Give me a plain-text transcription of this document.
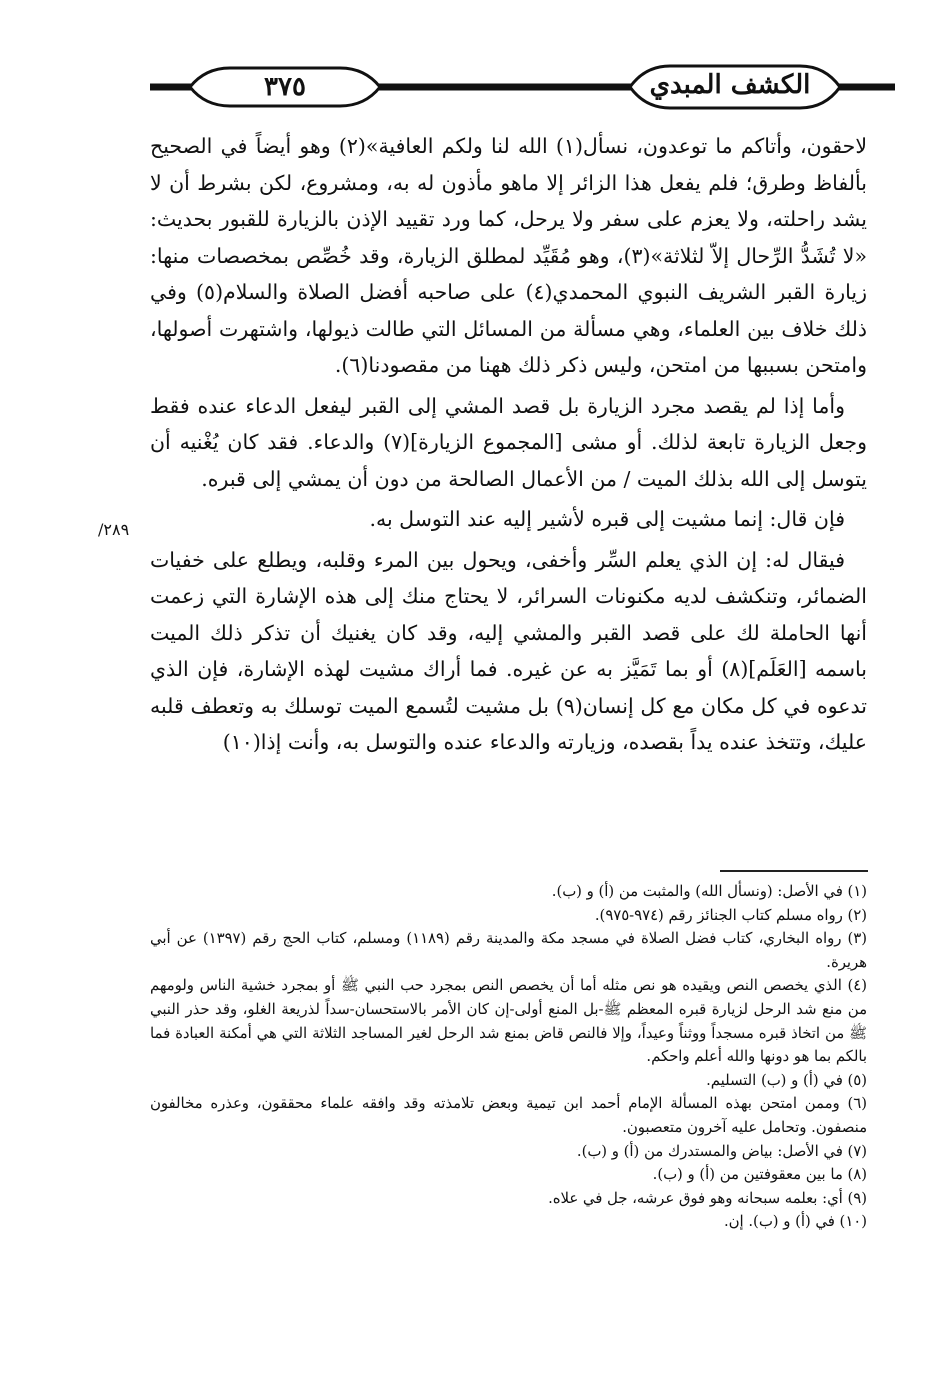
٣٧٥	الكشف المبدي
٢٨٩/

لاحقون، وأتاكم ما توعدون، نسأل(١) الله لنا ولكم العافية»(٢) وهو أيضاً في الصحيح بألفاظ وطرق؛ فلم يفعل هذا الزائر إلا ماهو مأذون له به، ومشروع، لكن بشرط أن لا يشد راحلته، ولا يعزم على سفر ولا يرحل، كما ورد تقييد الإذن بالزيارة للقبور بحديث: «لا تُشَدُّ الرِّحال إلاّ لثلاثة»(٣)، وهو مُقَيِّد لمطلق الزيارة، وقد خُصِّص بمخصصات منها: زيارة القبر الشريف النبوي المحمدي(٤) على صاحبه أفضل الصلاة والسلام(٥) وفي ذلك خلاف بين العلماء، وهي مسألة من المسائل التي طالت ذيولها، واشتهرت أصولها، وامتحن بسببها من امتحن، وليس ذكر ذلك ههنا من مقصودنا(٦).

وأما إذا لم يقصد مجرد الزيارة بل قصد المشي إلى القبر ليفعل الدعاء عنده فقط وجعل الزيارة تابعة لذلك. أو مشى [المجموع الزيارة](٧) والدعاء. فقد كان يُغْنيه أن يتوسل إلى الله بذلك الميت / من الأعمال الصالحة من دون أن يمشي إلى قبره.

فإن قال: إنما مشيت إلى قبره لأشير إليه عند التوسل به.

فيقال له: إن الذي يعلم السِّر وأخفى، ويحول بين المرء وقلبه، ويطلع على خفيات الضمائر، وتنكشف لديه مكنونات السرائر، لا يحتاج منك إلى هذه الإشارة التي زعمت أنها الحاملة لك على قصد القبر والمشي إليه، وقد كان يغنيك أن تذكر ذلك الميت باسمه [العَلَم](٨) أو بما تَمَيَّز به عن غيره. فما أراك مشيت لهذه الإشارة، فإن الذي تدعوه في كل مكان مع كل إنسان(٩) بل مشيت لتُسمع الميت توسلك به وتعطف قلبه عليك، وتتخذ عنده يداً بقصده، وزيارته والدعاء عنده والتوسل به، وأنت إذا(١٠)

(١) في الأصل: (ونسأل الله) والمثبت من (أ) و (ب).

(٢) رواه مسلم كتاب الجنائز رقم (٩٧٤-٩٧٥).

(٣) رواه البخاري، كتاب فضل الصلاة في مسجد مكة والمدينة رقم (١١٨٩) ومسلم، كتاب الحج رقم (١٣٩٧) عن أبي هريرة.

(٤) الذي يخصص النص ويقيده هو نص مثله أما أن يخصص النص بمجرد حب النبي ﷺ أو بمجرد خشية الناس ولومهم من منع شد الرحل لزيارة قبره المعظم ﷺ-بل المنع أولى-إن كان الأمر بالاستحسان-سداً لذريعة الغلو، وقد حذر النبي ﷺ من اتخاذ قبره مسجداً ووثناً وعيداً، وإلا فالنص قاض بمنع شد الرحل لغير المساجد الثلاثة التي هي أمكنة العبادة فما بالكم بما هو دونها والله أعلم واحكم.

(٥) في (أ) و (ب) التسليم.

(٦) وممن امتحن بهذه المسألة الإمام أحمد ابن تيمية وبعض تلامذته وقد وافقه علماء محققون، وعذره مخالفون منصفون. وتحامل عليه آخرون متعصبون.

(٧) في الأصل: بياض والمستدرك من (أ) و (ب).

(٨) ما بين معقوفتين من (أ) و (ب).

(٩) أي: بعلمه سبحانه وهو فوق عرشه، جل في علاه.

(١٠) في (أ) و (ب). إن.
